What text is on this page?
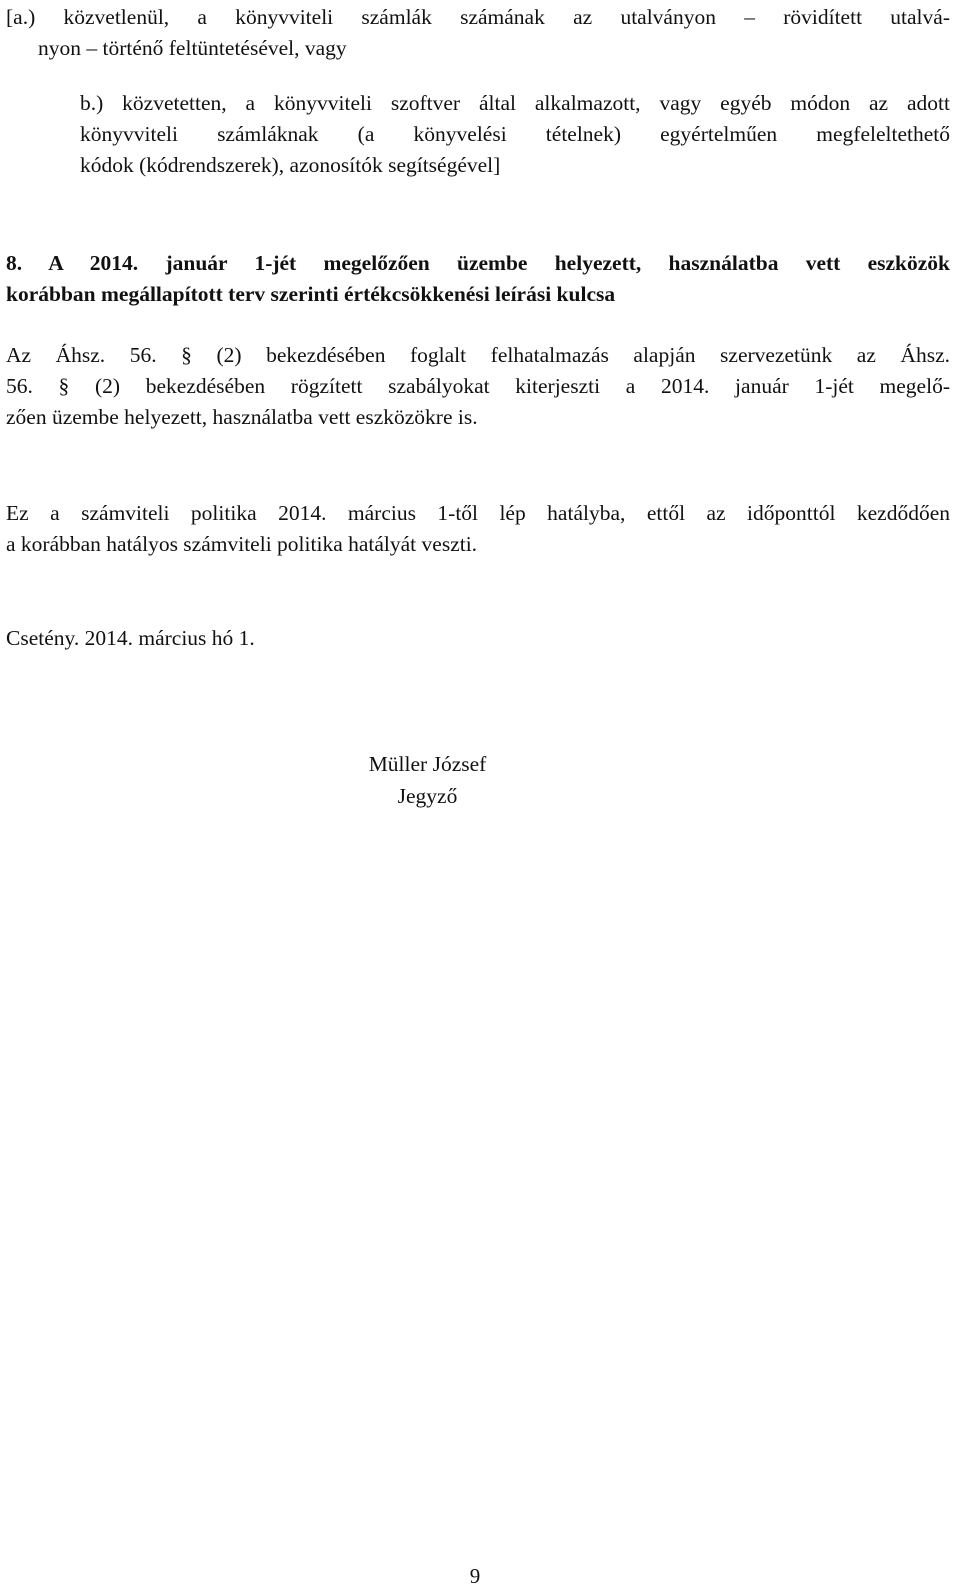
[a.) közvetlenül, a könyvviteli számlák számának az utalványon – rövidített utalvá-
nyon – történő feltüntetésével, vagy
b.) közvetetten, a könyvviteli szoftver által alkalmazott, vagy egyéb módon az adott
könyvviteli számláknak (a könyvelési tételnek) egyértelműen megfeleltethető
kódok (kódrendszerek), azonosítók segítségével]
8. A 2014. január 1-jét megelőzően üzembe helyezett, használatba vett eszközök
korábban megállapított terv szerinti értékcsökkenési leírási kulcsa
Az Áhsz. 56. § (2) bekezdésében foglalt felhatalmazás alapján szervezetünk az Áhsz.
56. § (2) bekezdésében rögzített szabályokat kiterjeszti a 2014. január 1-jét megelő-
zően üzembe helyezett, használatba vett eszközökre is.
Ez a számviteli politika 2014. március 1-től lép hatályba, ettől az időponttól kezdődően
a korábban hatályos számviteli politika hatályát veszti.
Csetény. 2014. március hó 1.
Müller József
Jegyző
9
